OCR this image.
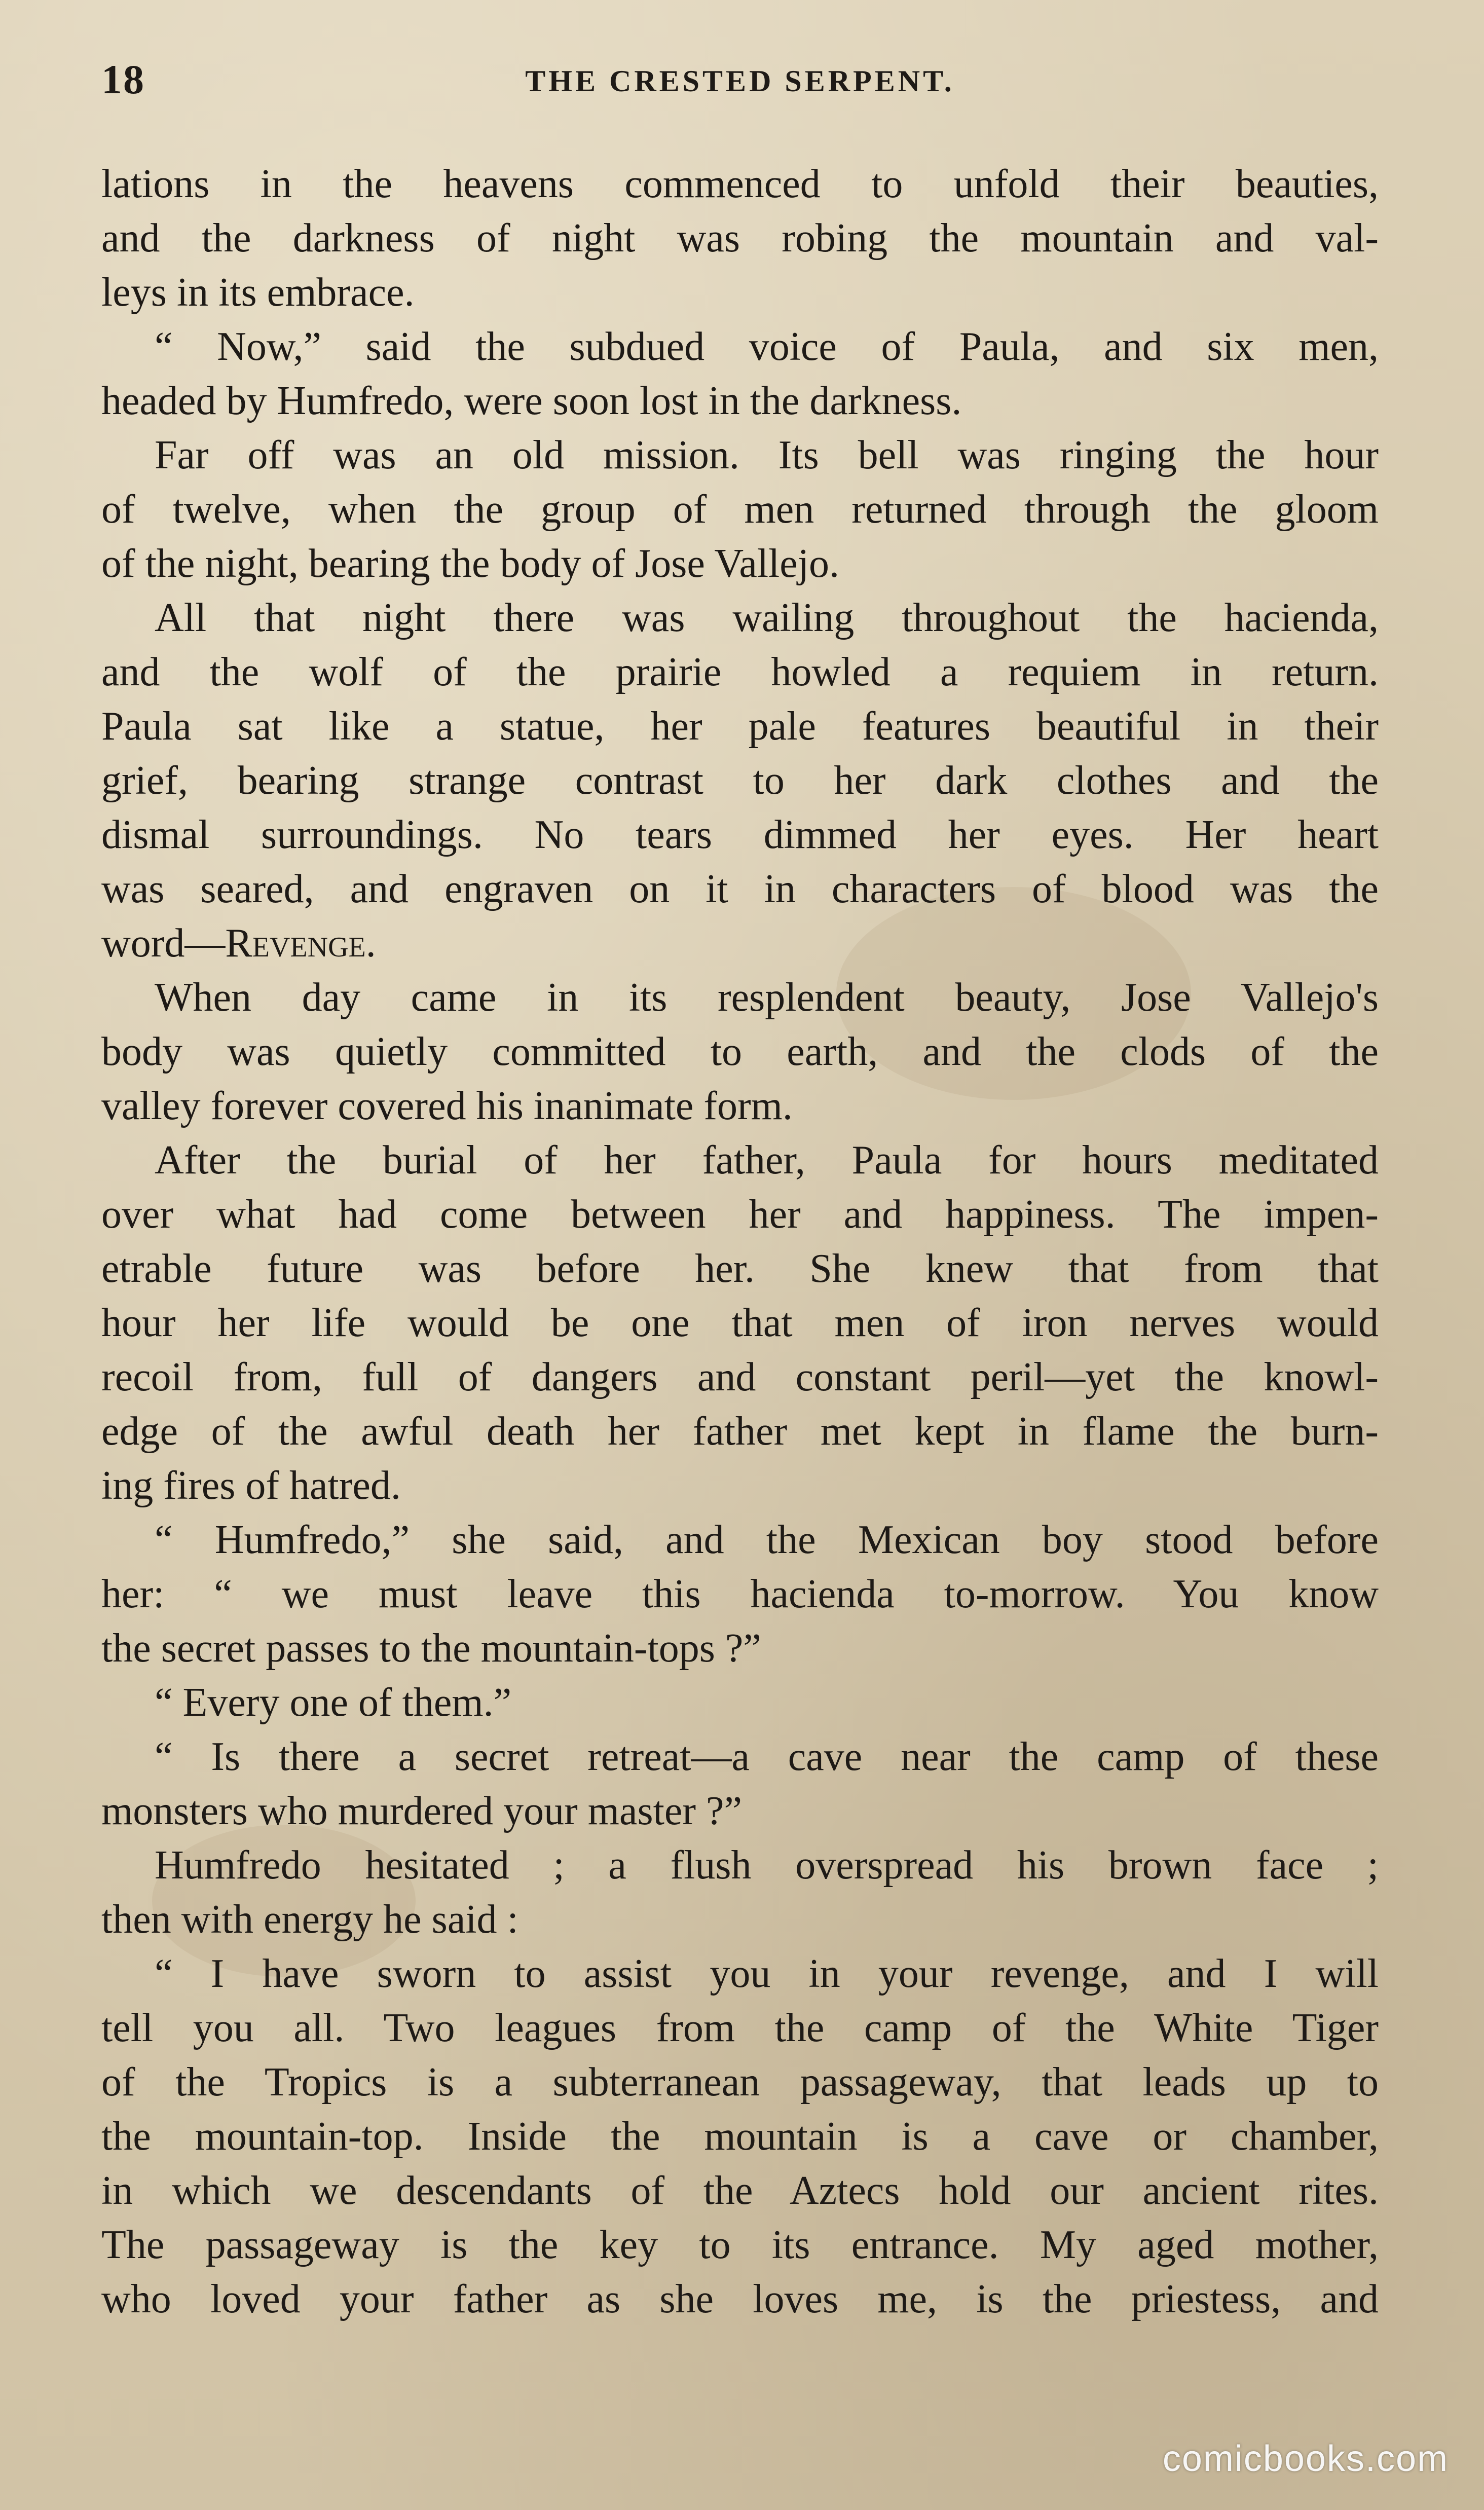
18	THE CRESTED SERPENT.
lations in the heavens commenced to unfold their beauties,
and the darkness of night was robing the mountain and val-
leys in its embrace.
“ Now,” said the subdued voice of Paula, and six men,
headed by Humfredo, were soon lost in the darkness.
Far off was an old mission. Its bell was ringing the hour
of twelve, when the group of men returned through the gloom
of the night, bearing the body of Jose Vallejo.
All that night there was wailing throughout the hacienda,
and the wolf of the prairie howled a requiem in return.
Paula sat like a statue, her pale features beautiful in their
grief, bearing strange contrast to her dark clothes and the
dismal surroundings. No tears dimmed her eyes. Her heart
was seared, and engraven on it in characters of blood was the
word—Revenge.
When day came in its resplendent beauty, Jose Vallejo's
body was quietly committed to earth, and the clods of the
valley forever covered his inanimate form.
After the burial of her father, Paula for hours meditated
over what had come between her and happiness. The impen-
etrable future was before her. She knew that from that
hour her life would be one that men of iron nerves would
recoil from, full of dangers and constant peril—yet the knowl-
edge of the awful death her father met kept in flame the burn-
ing fires of hatred.
“ Humfredo,” she said, and the Mexican boy stood before
her: “ we must leave this hacienda to-morrow. You know
the secret passes to the mountain-tops ?”
“ Every one of them.”
“ Is there a secret retreat—a cave near the camp of these
monsters who murdered your master ?”
Humfredo hesitated ; a flush overspread his brown face ;
then with energy he said :
“ I have sworn to assist you in your revenge, and I will
tell you all. Two leagues from the camp of the White Tiger
of the Tropics is a subterranean passageway, that leads up to
the mountain-top. Inside the mountain is a cave or chamber,
in which we descendants of the Aztecs hold our ancient rites.
The passageway is the key to its entrance. My aged mother,
who loved your father as she loves me, is the priestess, and
comicbooks.com
